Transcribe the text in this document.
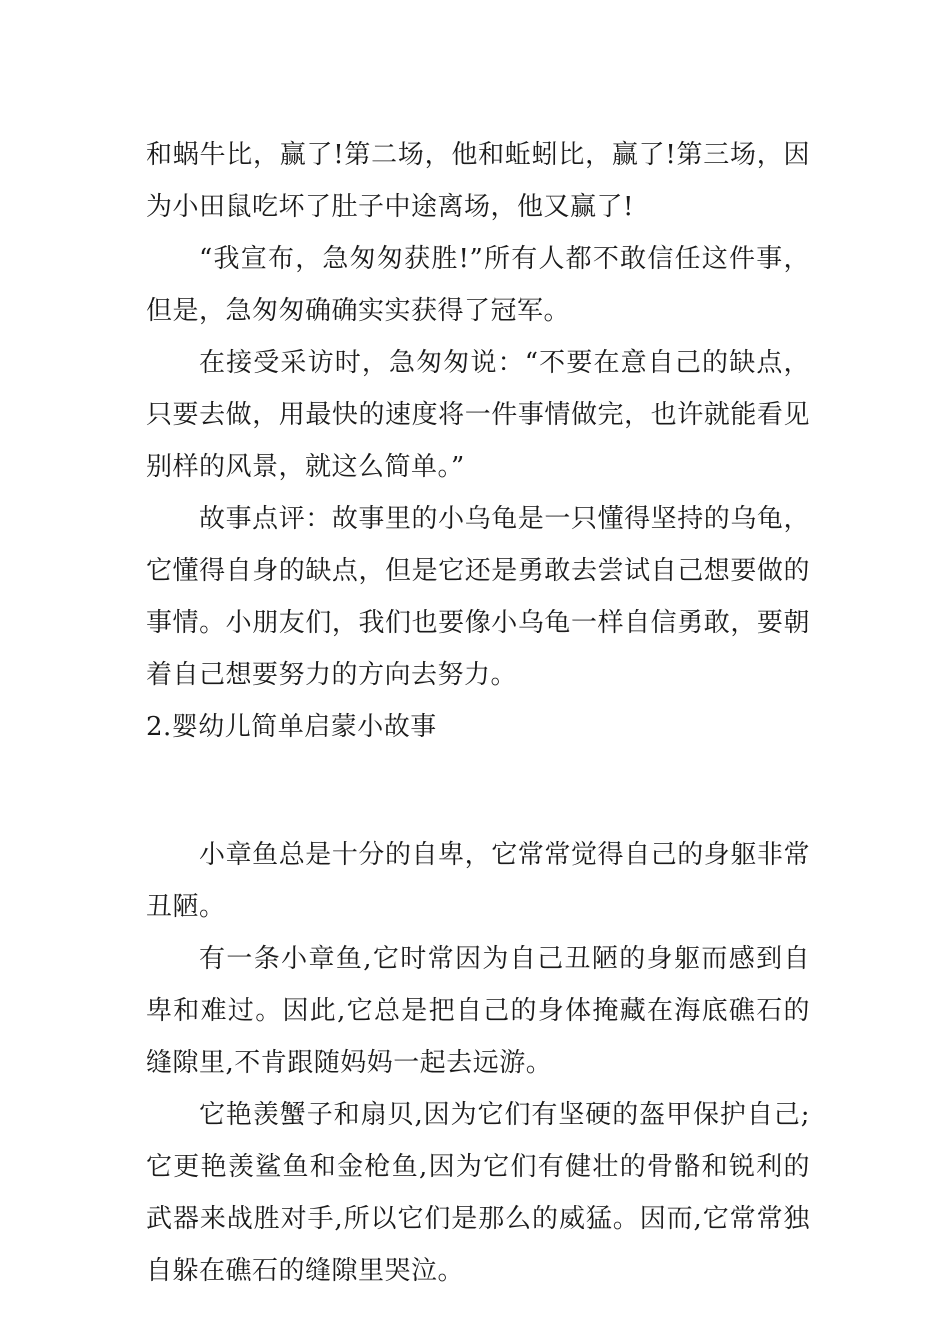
和蜗牛比，赢了!第二场，他和蚯蚓比，赢了!第三场，因为小田鼠吃坏了肚子中途离场，他又赢了!

“我宣布，急匆匆获胜!”所有人都不敢信任这件事，但是，急匆匆确确实实获得了冠军。

在接受采访时，急匆匆说：“不要在意自己的缺点，只要去做，用最快的速度将一件事情做完，也许就能看见别样的风景，就这么简单。”

故事点评：故事里的小乌龟是一只懂得坚持的乌龟，它懂得自身的缺点，但是它还是勇敢去尝试自己想要做的事情。小朋友们，我们也要像小乌龟一样自信勇敢，要朝着自己想要努力的方向去努力。

2.婴幼儿简单启蒙小故事

小章鱼总是十分的自卑，它常常觉得自己的身躯非常丑陋。

有一条小章鱼,它时常因为自己丑陋的身躯而感到自卑和难过。因此,它总是把自己的身体掩藏在海底礁石的缝隙里,不肯跟随妈妈一起去远游。

它艳羡蟹子和扇贝,因为它们有坚硬的盔甲保护自己;它更艳羡鲨鱼和金枪鱼,因为它们有健壮的骨骼和锐利的武器来战胜对手,所以它们是那么的威猛。因而,它常常独自躲在礁石的缝隙里哭泣。
